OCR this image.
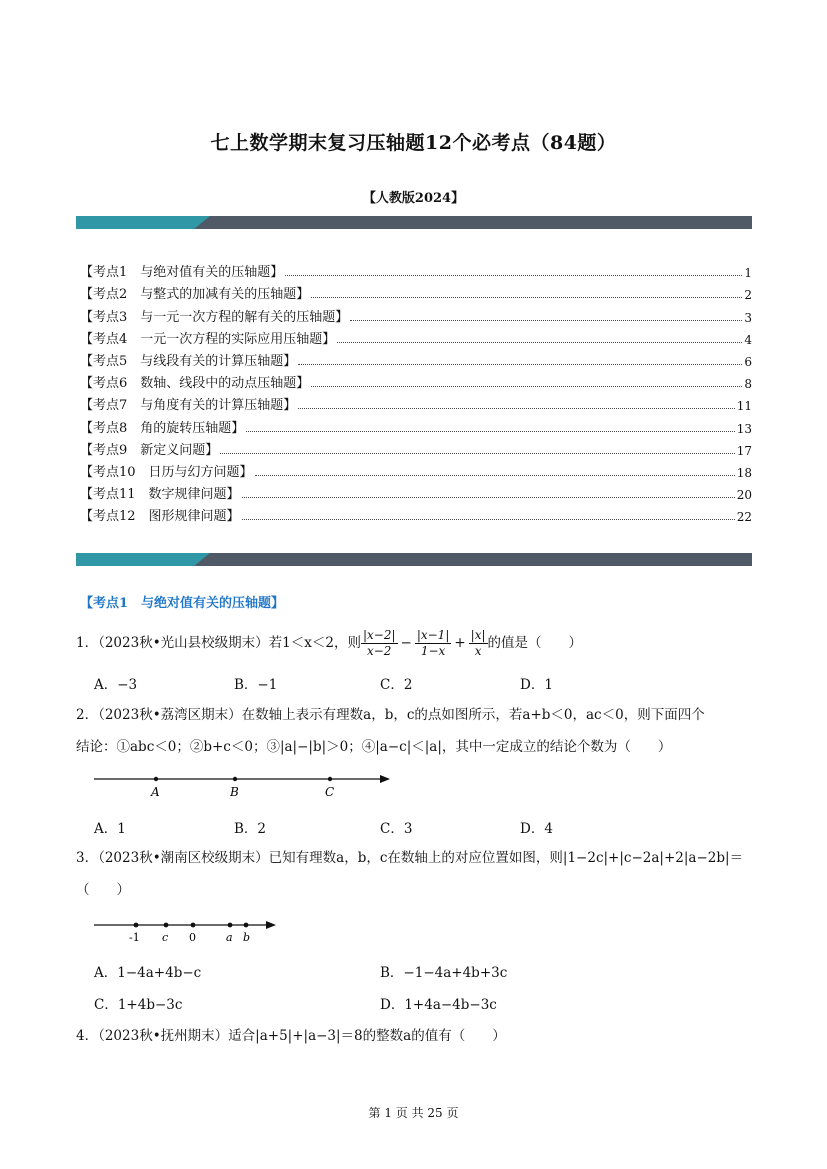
七上数学期末复习压轴题12个必考点（84题）
【人教版2024】
【考点1　与绝对值有关的压轴题】	1
【考点2　与整式的加减有关的压轴题】	2
【考点3　与一元一次方程的解有关的压轴题】	3
【考点4　一元一次方程的实际应用压轴题】	4
【考点5　与线段有关的计算压轴题】	6
【考点6　数轴、线段中的动点压轴题】	8
【考点7　与角度有关的计算压轴题】	11
【考点8　角的旋转压轴题】	13
【考点9　新定义问题】	17
【考点10　日历与幻方问题】	18
【考点11　数字规律问题】	20
【考点12　图形规律问题】	22
【考点1　与绝对值有关的压轴题】
1．（2023秋•光山县校级期末）若1＜x＜2，则 $\frac{|x-2|}{x-2} - \frac{|x-1|}{1-x} + \frac{|x|}{x}$ 的值是（　　）
A．−3	B．−1	C．2	D．1
2．（2023秋•荔湾区期末）在数轴上表示有理数a，b，c的点如图所示，若a+b＜0，ac＜0，则下面四个
结论：①abc＜0；②b+c＜0；③|a|−|b|＞0；④|a−c|＜|a|，其中一定成立的结论个数为（　　）
A	B	C
A．1	B．2	C．3	D．4
3．（2023秋•潮南区校级期末）已知有理数a，b，c在数轴上的对应位置如图，则|1−2c|+|c−2a|+2|a−2b|＝
（　　）
-1 c 0	a b
A．1−4a+4b−c	B．−1−4a+4b+3c
C．1+4b−3c	D．1+4a−4b−3c
4．（2023秋•抚州期末）适合|a+5|+|a−3|＝8的整数a的值有（　　）
第 1 页 共 25 页
